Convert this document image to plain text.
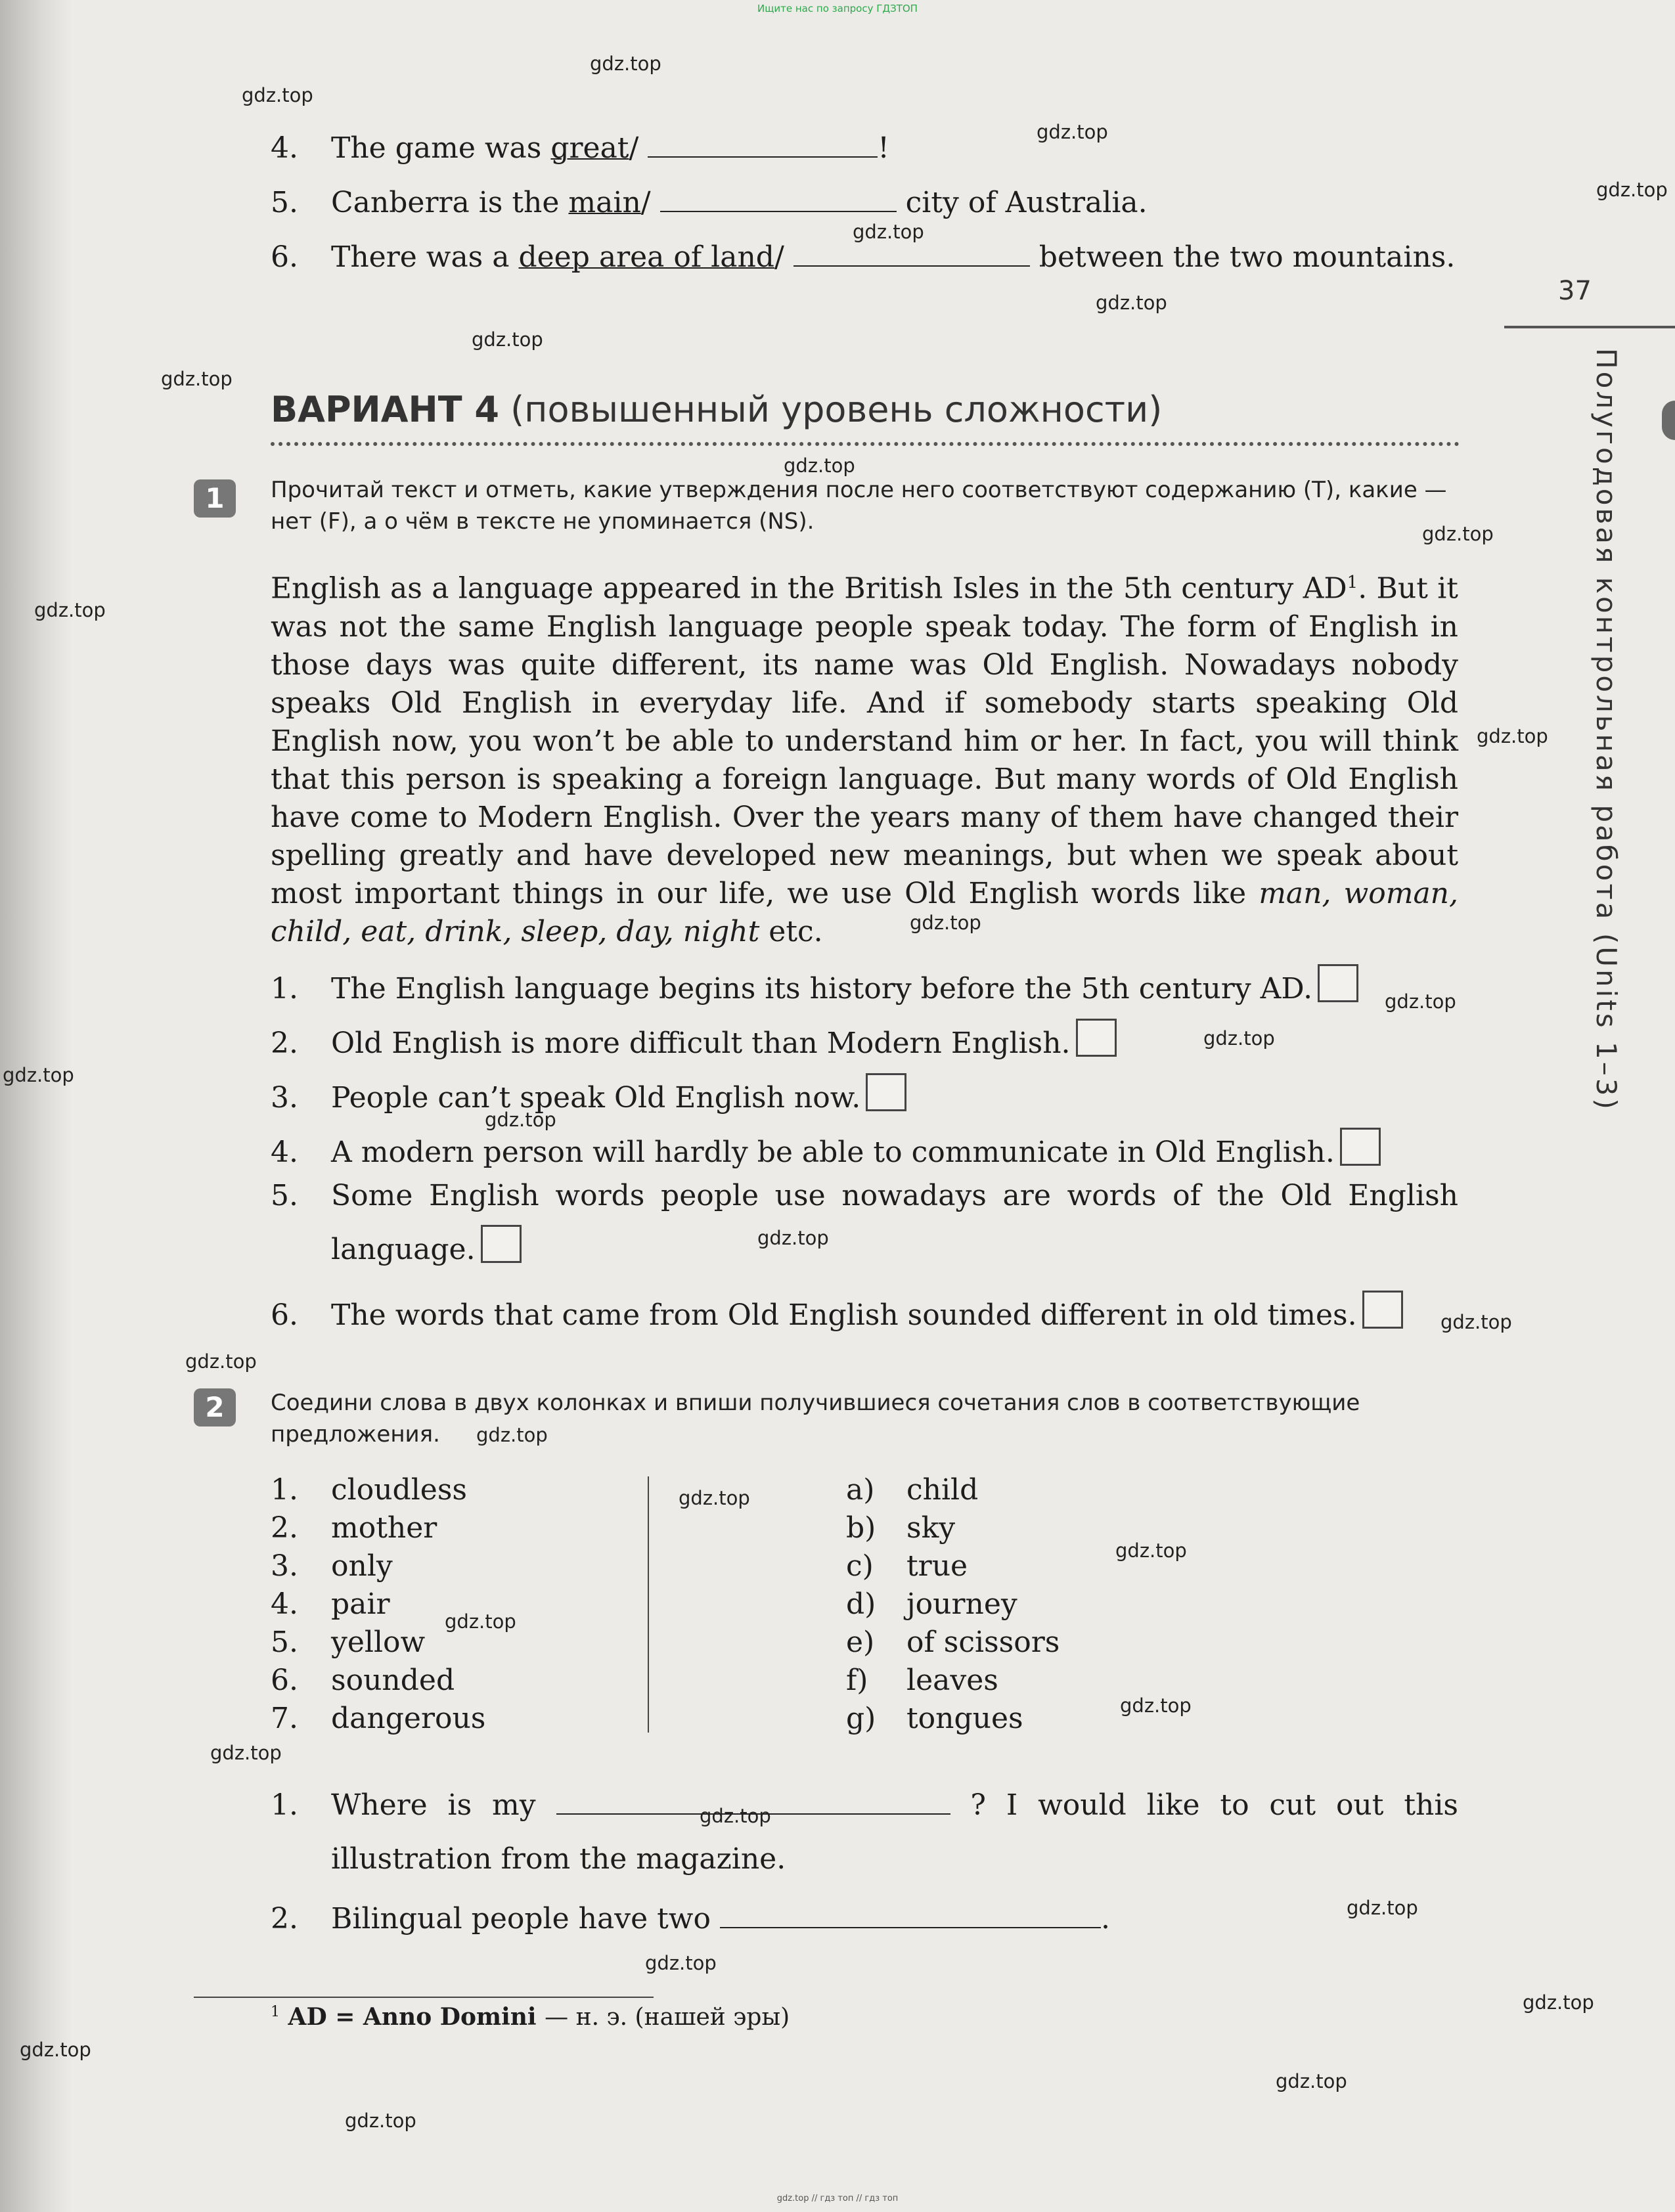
Ищите нас по запросу ГДЗТОП
4. The game was great/	!
5. Canberra is the main/	city of Australia.
6. There was a deep area of land/	between the two mountains.
ВАРИАНТ 4 (повышенный уровень сложности)
1	Прочитай текст и отметь, какие утверждения после него соответствуют содержанию (T), какие — нет (F), а о чём в тексте не упоминается (NS).
English as a language appeared in the British Isles in the 5th century $AD^1$. But it was not the same English language people speak today. The form of English in those days was quite different, its name was Old English. Nowadays nobody speaks Old English in everyday life. And if somebody starts speaking Old English now, you won’t be able to understand him or her. In fact, you will think that this person is speaking a foreign language. But many words of Old English have come to Modern English. Over the years many of them have changed their spelling greatly and have developed new meanings, but when we speak about most important things in our life, we use Old English words like man, woman, child, eat, drink, sleep, day, night etc.
1. The English language begins its history before the 5th century AD.
2. Old English is more difficult than Modern English.
3. People can’t speak Old English now.
4. A modern person will hardly be able to communicate in Old English.
5.	Some English words people use nowadays are words of the Old English language.
6. The words that came from Old English sounded different in old times.
2	Соедини слова в двух колонках и впиши получившиеся сочетания слов в соответствующие предложения.
1. cloudless
2. mother
3. only
4. pair
5. yellow
6. sounded
7. dangerous
a) child
b) sky
c) true
d) journey
e) of scissors
f) leaves
g) tongues
1.	Where is my	? I would like to cut out this illustration from the magazine.
2. Bilingual people have two	.
$^1$ AD = Anno Domini — н. э. (нашей эры)
37
Полугодовая контрольная работа (Units 1–3)
gdz.top
gdz.top
gdz.top
gdz.top
gdz.top
gdz.top
gdz.top
gdz.top
gdz.top
gdz.top
gdz.top
gdz.top
gdz.top
gdz.top
gdz.top
gdz.top
gdz.top
gdz.top
gdz.top
gdz.top
gdz.top
gdz.top
gdz.top
gdz.top
gdz.top
gdz.top
gdz.top
gdz.top
gdz.top
gdz.top
gdz.top
gdz.top
gdz.top
gdz.top // гдз топ // гдз топ
